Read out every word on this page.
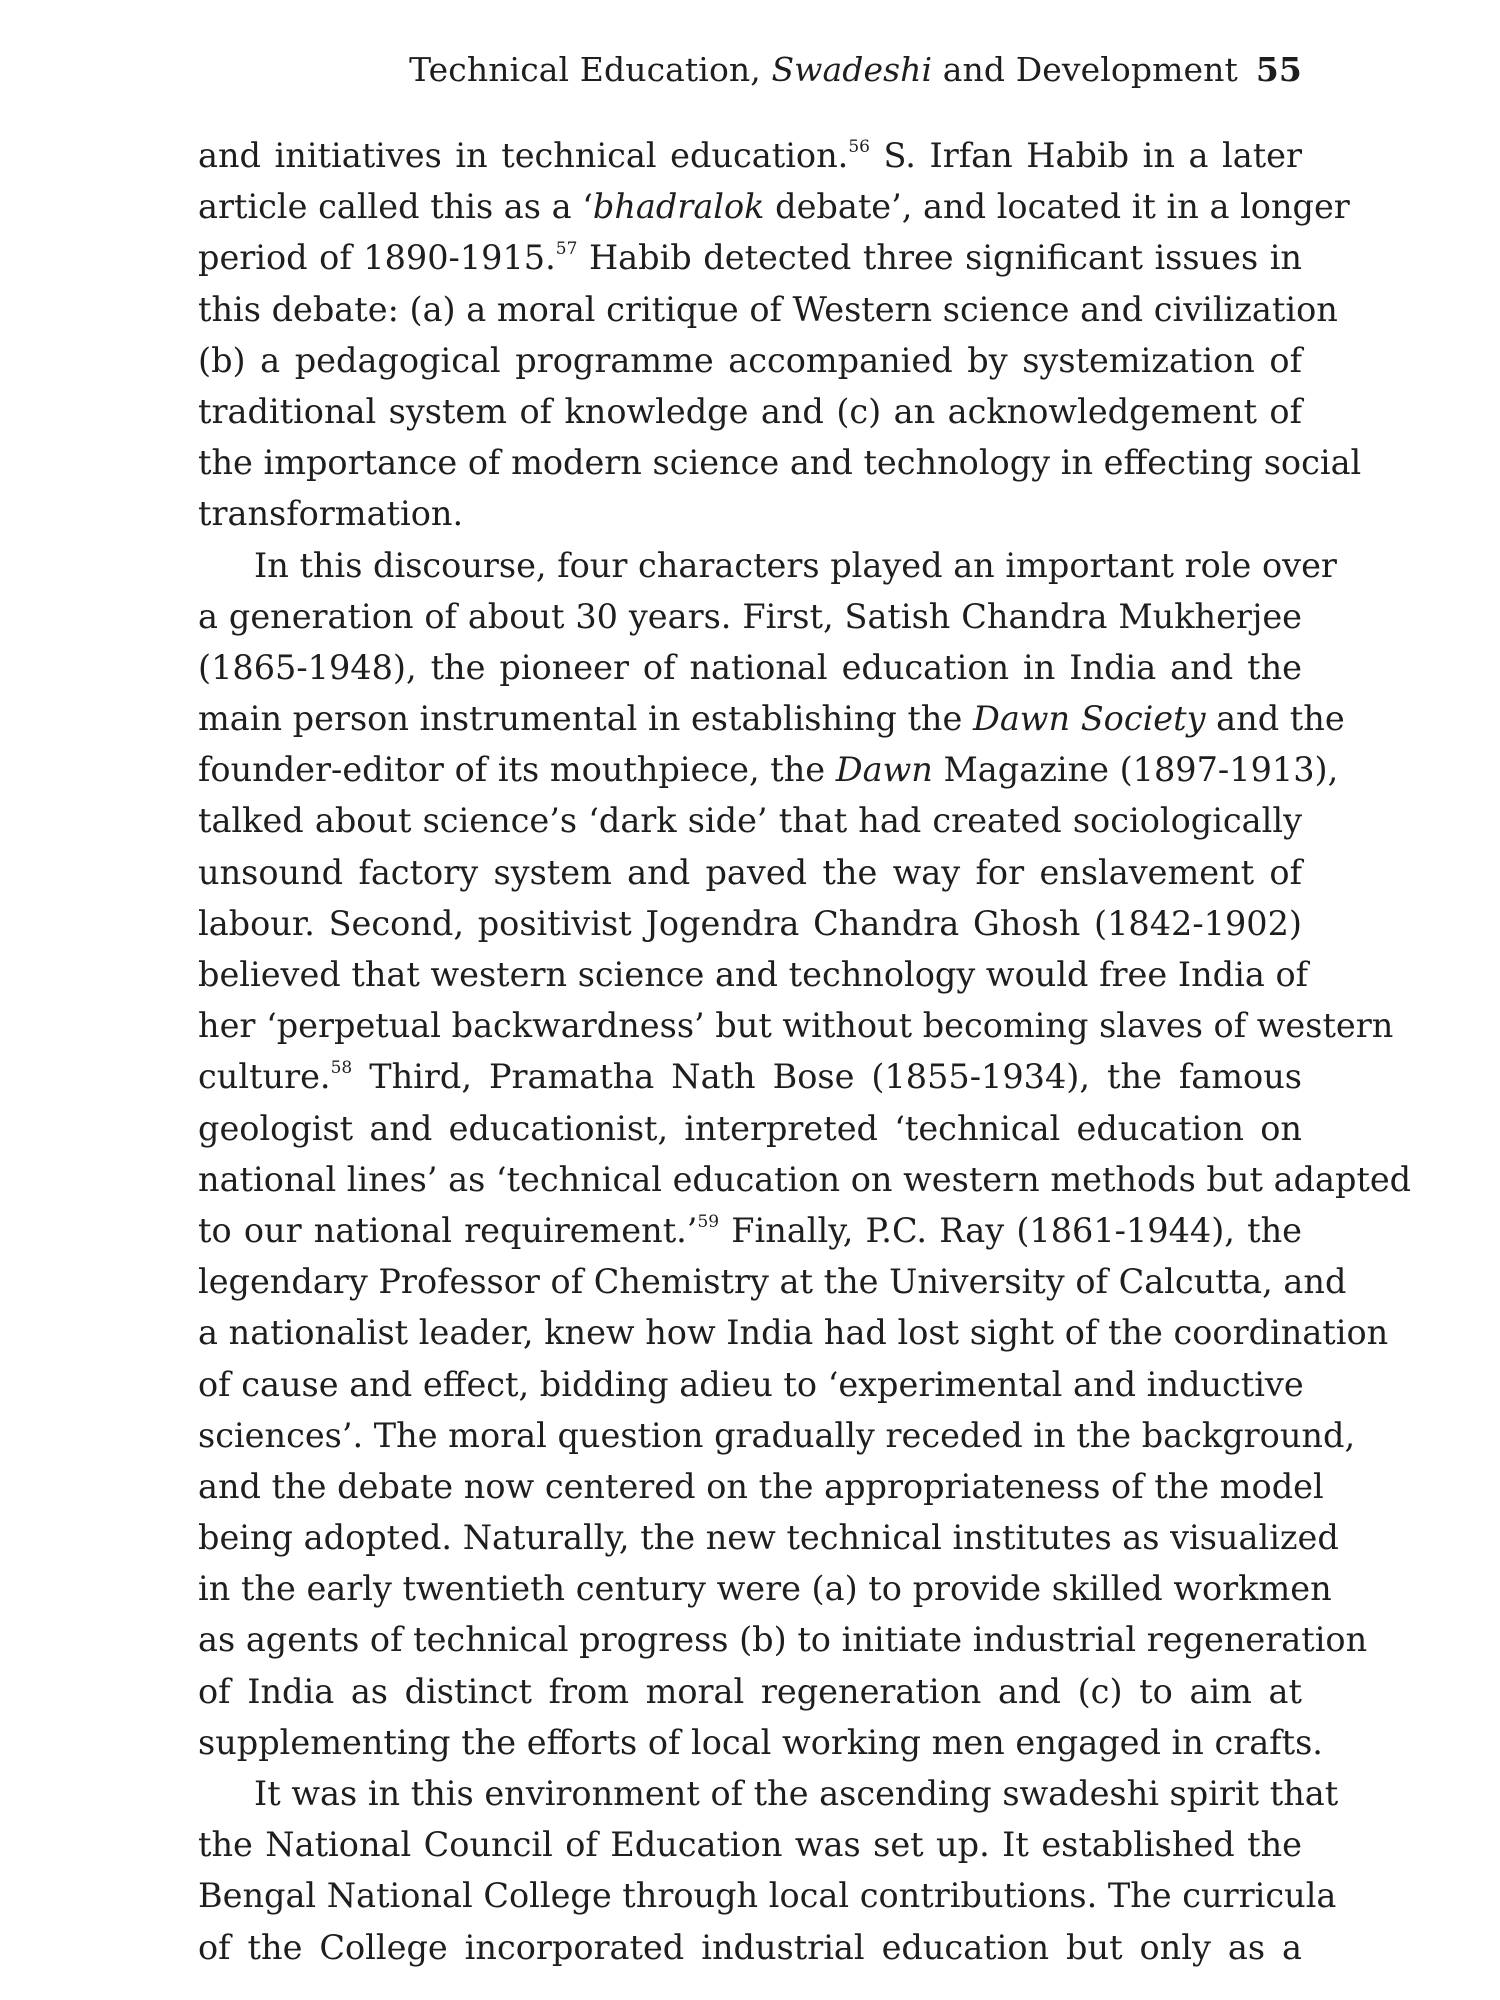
Technical Education, Swadeshi and Development 55
and initiatives in technical education.$^{56}$ S. Irfan Habib in a later
article called this as a ‘bhadralok debate’, and located it in a longer
period of 1890-1915.57 Habib detected three significant issues in
this debate: (a) a moral critique of Western science and civilization
(b) a pedagogical programme accompanied by systemization of
traditional system of knowledge and (c) an acknowledgement of
the importance of modern science and technology in effecting social
transformation.
In this discourse, four characters played an important role over
a generation of about 30 years. First, Satish Chandra Mukherjee
(1865-1948), the pioneer of national education in India and the
main person instrumental in establishing the Dawn Society and the
founder-editor of its mouthpiece, the Dawn Magazine (1897-1913),
talked about science’s ‘dark side’ that had created sociologically
unsound factory system and paved the way for enslavement of
labour. Second, positivist Jogendra Chandra Ghosh (1842-1902)
believed that western science and technology would free India of
her ‘perpetual backwardness’ but without becoming slaves of western
culture.$^{58}$ Third, Pramatha Nath Bose (1855-1934), the famous
geologist and educationist, interpreted ‘technical education on
national lines’ as ‘technical education on western methods but adapted
to our national requirement.’$^{59}$ Finally, P.C. Ray (1861-1944), the
legendary Professor of Chemistry at the University of Calcutta, and
a nationalist leader, knew how India had lost sight of the coordination
of cause and effect, bidding adieu to ‘experimental and inductive
sciences’. The moral question gradually receded in the background,
and the debate now centered on the appropriateness of the model
being adopted. Naturally, the new technical institutes as visualized
in the early twentieth century were (a) to provide skilled workmen
as agents of technical progress (b) to initiate industrial regeneration
of India as distinct from moral regeneration and (c) to aim at
supplementing the efforts of local working men engaged in crafts.
It was in this environment of the ascending swadeshi spirit that
the National Council of Education was set up. It established the
Bengal National College through local contributions. The curricula
of the College incorporated industrial education but only as a
